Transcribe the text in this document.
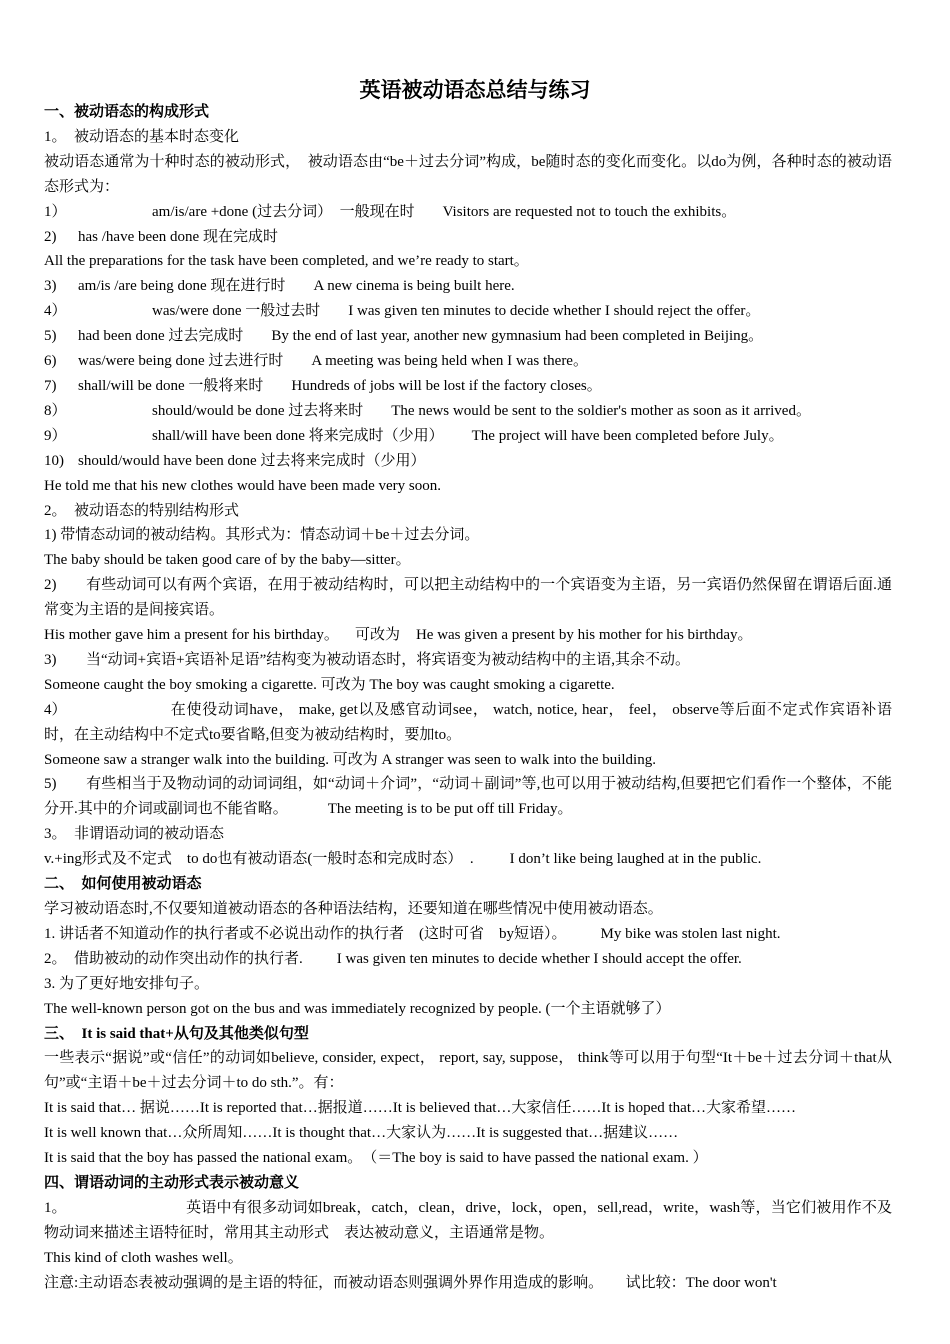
英语被动语态总结与练习
一、被动语态的构成形式
1。　被动语态的基本时态变化
被动语态通常为十种时态的被动形式，　被动语态由“be＋过去分词”构成，be随时态的变化而变化。以do为例，各种时态的被动语态形式为：
1）	am/is/are +done (过去分词）　一般现在时 Visitors are requested not to touch the exhibits。
2) has /have been done 现在完成时
All the preparations for the task have been completed, and we’re ready to start。
3) am/is /are being done 现在进行时 A new cinema is being built here.
4）	was/were done 一般过去时 I was given ten minutes to decide whether I should reject the offer。
5) had been done 过去完成时 By the end of last year, another new gymnasium had been completed in Beijing。
6) was/were being done 过去进行时 A meeting was being held when I was there。
7) shall/will be done 一般将来时 Hundreds of jobs will be lost if the factory closes。
8）	should/would be done 过去将来时 The news would be sent to the soldier's mother as soon as it arrived。
9）	shall/will have been done 将来完成时（少用） The project will have been completed before July。
10) should/would have been done 过去将来完成时（少用）
He told me that his new clothes would have been made very soon.
2。　被动语态的特别结构形式
1) 带情态动词的被动结构。其形式为：情态动词＋be＋过去分词。
The baby should be taken good care of by the baby—sitter。
2) 有些动词可以有两个宾语，在用于被动结构时，可以把主动结构中的一个宾语变为主语，另一宾语仍然保留在谓语后面.通常变为主语的是间接宾语。
His mother gave him a present for his birthday。 可改为 He was given a present by his mother for his birthday。
3) 当“动词+宾语+宾语补足语”结构变为被动语态时，将宾语变为被动结构中的主语,其余不动。
Someone caught the boy smoking a cigarette. 可改为 The boy was caught smoking a cigarette.
4）	在使役动词have， make, get以及感官动词see， watch, notice, hear， feel， observe等后面不定式作宾语补语时，在主动结构中不定式to要省略,但变为被动结构时，要加to。
Someone saw a stranger walk into the building. 可改为 A stranger was seen to walk into the building.
5) 有些相当于及物动词的动词词组，如“动词＋介词”，“动词＋副词”等,也可以用于被动结构,但要把它们看作一个整体，不能分开.其中的介词或副词也不能省略。	The meeting is to be put off till Friday。
3。　非谓语动词的被动语态
v.+ing形式及不定式　to do也有被动语态(一般时态和完成时态）　. I don’t like being laughed at in the public.
二、　如何使用被动语态
学习被动语态时,不仅要知道被动语态的各种语法结构，还要知道在哪些情况中使用被动语态。
1. 讲话者不知道动作的执行者或不必说出动作的执行者　(这时可省　by短语）。 My bike was stolen last night.
2。　借助被动的动作突出动作的执行者. I was given ten minutes to decide whether I should accept the offer.
3. 为了更好地安排句子。
The well-known person got on the bus and was immediately recognized by people. (一个主语就够了）
三、　It is said that+从句及其他类似句型
一些表示“据说”或“信任”的动词如believe, consider, expect， report, say, suppose， think等可以用于句型“It＋be＋过去分词＋that从句”或“主语＋be＋过去分词＋to do sth.”。有：
It is said that… 据说……It is reported that…据报道……It is believed that…大家信任……It is hoped that…大家希望……
It is well known that…众所周知……It is thought that…大家认为……It is suggested that…据建议……
It is said that the boy has passed the national exam。　（＝The boy is said to have passed the national exam. ）
四、谓语动词的主动形式表示被动意义
1。	英语中有很多动词如break，catch，clean，drive，lock，open，sell,read，write，wash等，当它们被用作不及物动词来描述主语特征时，常用其主动形式　表达被动意义，主语通常是物。
This kind of cloth washes well。
注意:主动语态表被动强调的是主语的特征，而被动语态则强调外界作用造成的影响。　　试比较：The door won't
